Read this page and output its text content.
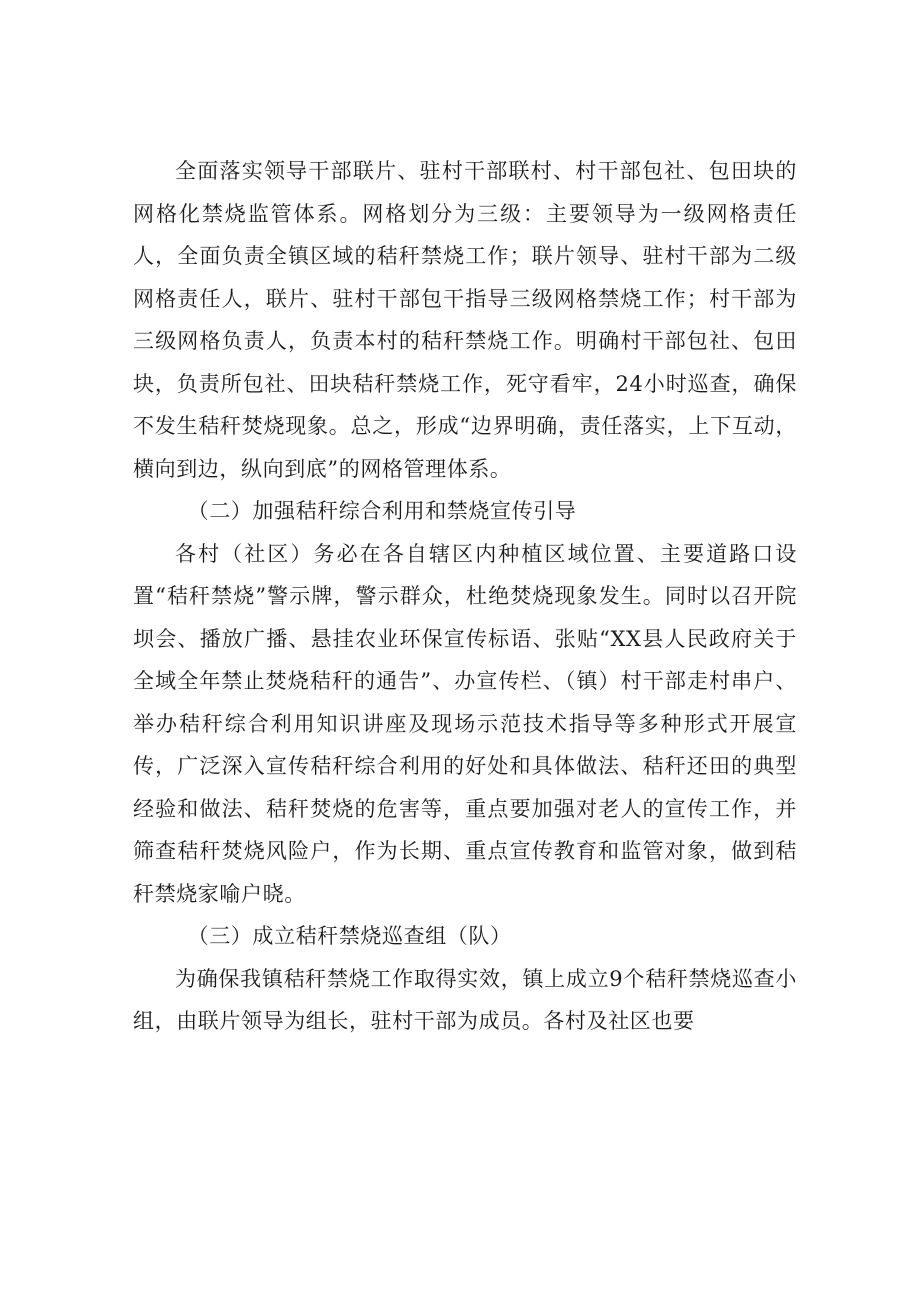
全面落实领导干部联片、驻村干部联村、村干部包社、包田块的网格化禁烧监管体系。网格划分为三级：主要领导为一级网格责任人，全面负责全镇区域的秸秆禁烧工作；联片领导、驻村干部为二级网格责任人，联片、驻村干部包干指导三级网格禁烧工作；村干部为三级网格负责人，负责本村的秸秆禁烧工作。明确村干部包社、包田块，负责所包社、田块秸秆禁烧工作，死守看牢，24小时巡查，确保不发生秸秆焚烧现象。总之，形成“边界明确，责任落实，上下互动，横向到边，纵向到底”的网格管理体系。

（二）加强秸秆综合利用和禁烧宣传引导

各村（社区）务必在各自辖区内种植区域位置、主要道路口设置“秸秆禁烧”警示牌，警示群众，杜绝焚烧现象发生。同时以召开院坝会、播放广播、悬挂农业环保宣传标语、张贴“XX县人民政府关于全域全年禁止焚烧秸秆的通告”、办宣传栏、（镇）村干部走村串户、举办秸秆综合利用知识讲座及现场示范技术指导等多种形式开展宣传，广泛深入宣传秸秆综合利用的好处和具体做法、秸秆还田的典型经验和做法、秸秆焚烧的危害等，重点要加强对老人的宣传工作，并筛查秸秆焚烧风险户，作为长期、重点宣传教育和监管对象，做到秸秆禁烧家喻户晓。

（三）成立秸秆禁烧巡查组（队）

为确保我镇秸秆禁烧工作取得实效，镇上成立9个秸秆禁烧巡查小组，由联片领导为组长，驻村干部为成员。各村及社区也要
